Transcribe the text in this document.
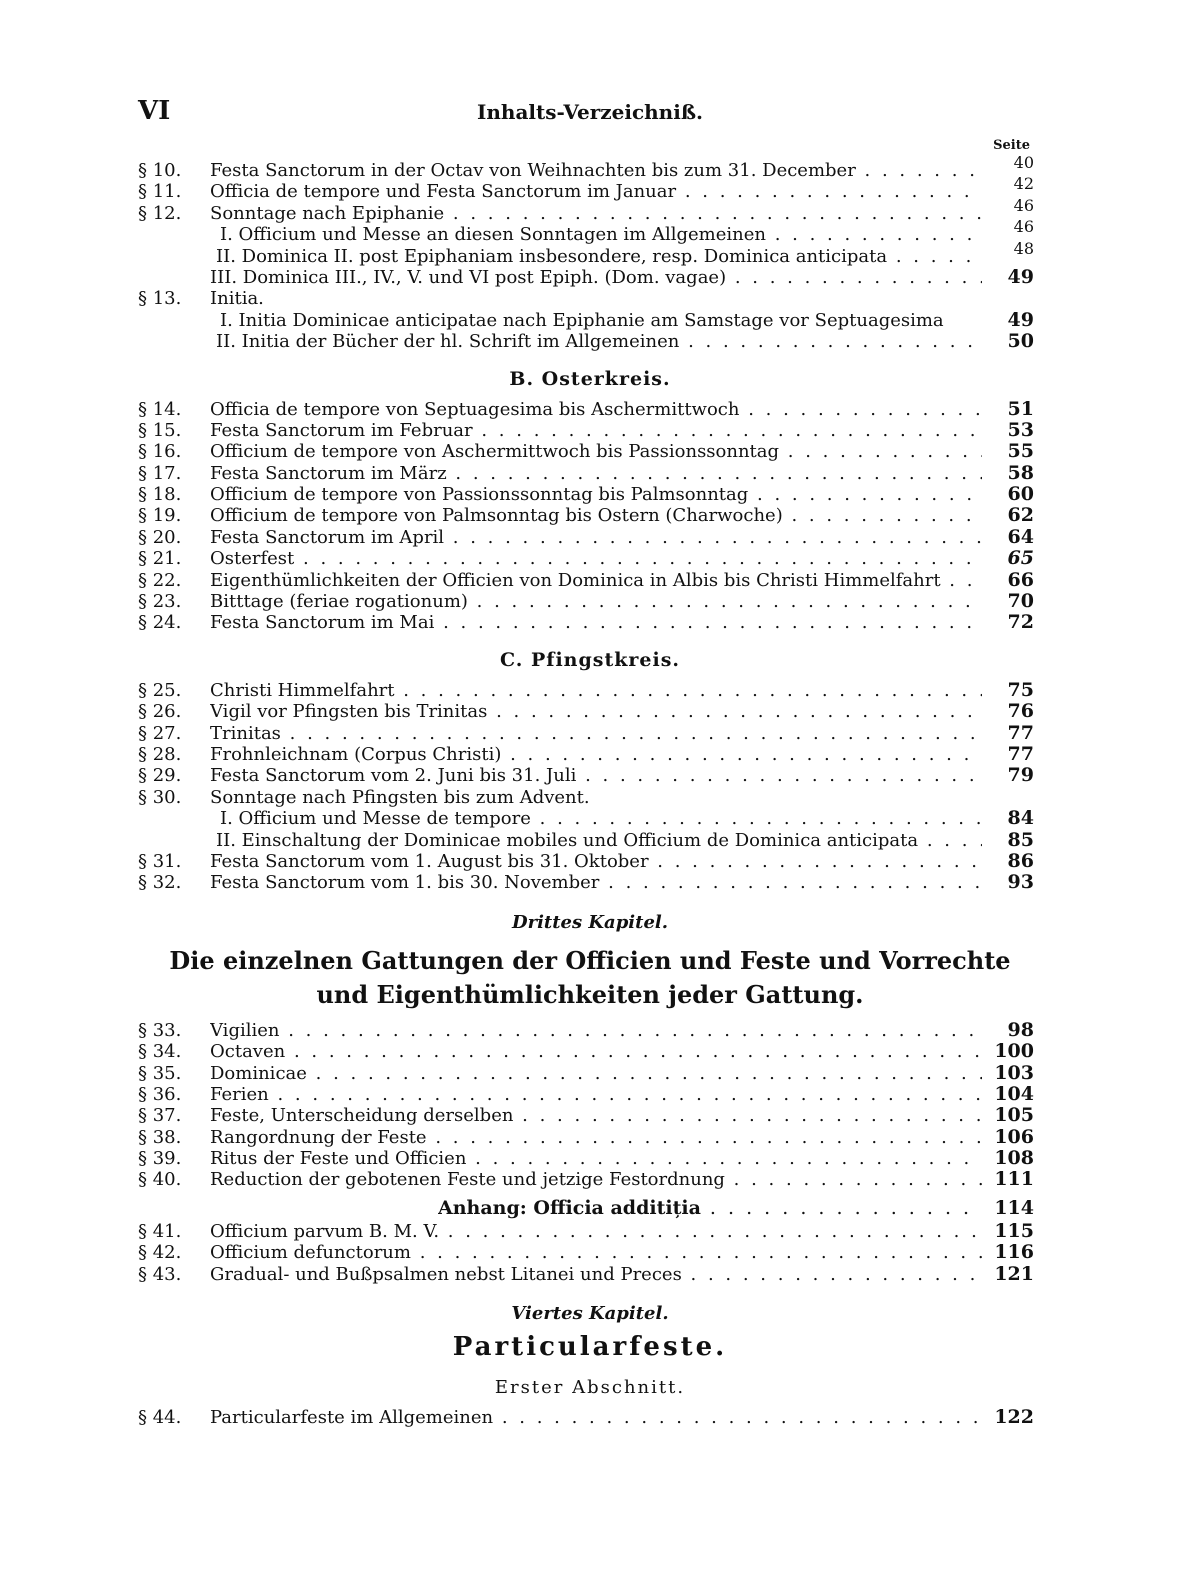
VI	Inhalts-Verzeichniß.
Seite
§ 10.	Festa Sanctorum in der Octav von Weihnachten bis zum 31. December . . .	40
§ 11.	Officia de tempore und Festa Sanctorum im Januar . . .	42
§ 12.	Sonntage nach Epiphanie . . .	46
I. Officium und Messe an diesen Sonntagen im Allgemeinen . . .	46
II. Dominica II. post Epiphaniam insbesondere, resp. Dominica anticipata . . .	48
III. Dominica III., IV., V. und VI post Epiph. (Dom. vagae) . . .	49
§ 13.	Initia.
I. Initia Dominicae anticipatae nach Epiphanie am Samstage vor Septuagesima	49
II. Initia der Bücher der hl. Schrift im Allgemeinen . . .	50
B. Osterkreis.
§ 14.	Officia de tempore von Septuagesima bis Aschermittwoch . . .	51
§ 15.	Festa Sanctorum im Februar . . .	53
§ 16.	Officium de tempore von Aschermittwoch bis Passionssonntag . . .	55
§ 17.	Festa Sanctorum im März . . .	58
§ 18.	Officium de tempore von Passionssonntag bis Palmsonntag . . .	60
§ 19.	Officium de tempore von Palmsonntag bis Ostern (Charwoche) . . .	62
§ 20.	Festa Sanctorum im April . . .	64
§ 21.	Osterfest . . .	65
§ 22.	Eigenthümlichkeiten der Officien von Dominica in Albis bis Christi Himmelfahrt . . .	66
§ 23.	Bitttage (feriae rogationum) . . .	70
§ 24.	Festa Sanctorum im Mai . . .	72
C. Pfingstkreis.
§ 25.	Christi Himmelfahrt . . .	75
§ 26.	Vigil vor Pfingsten bis Trinitas . . .	76
§ 27.	Trinitas . . .	77
§ 28.	Frohnleichnam (Corpus Christi) . . .	77
§ 29.	Festa Sanctorum vom 2. Juni bis 31. Juli . . .	79
§ 30.	Sonntage nach Pfingsten bis zum Advent.
I. Officium und Messe de tempore . . .	84
II. Einschaltung der Dominicae mobiles und Officium de Dominica anticipata . . .	85
§ 31.	Festa Sanctorum vom 1. August bis 31. Oktober . . .	86
§ 32.	Festa Sanctorum vom 1. bis 30. November . . .	93
Drittes Kapitel.
Die einzelnen Gattungen der Officien und Feste und Vorrechte und Eigenthümlichkeiten jeder Gattung.
§ 33.	Vigilien . . .	98
§ 34.	Octaven . . .	100
§ 35.	Dominicae . . .	103
§ 36.	Ferien . . .	104
§ 37.	Feste, Unterscheidung derselben . . .	105
§ 38.	Rangordnung der Feste . . .	106
§ 39.	Ritus der Feste und Officien . . .	108
§ 40.	Reduction der gebotenen Feste und jetzige Festordnung . . .	111
Anhang: Officia additiția . . .	114
§ 41.	Officium parvum B. M. V. . . .	115
§ 42.	Officium defunctorum . . .	116
§ 43.	Gradual- und Bußpsalmen nebst Litanei und Preces . . .	121
Viertes Kapitel.
Particularfeste.
Erster Abschnitt.
§ 44.	Particularfeste im Allgemeinen . . .	122
